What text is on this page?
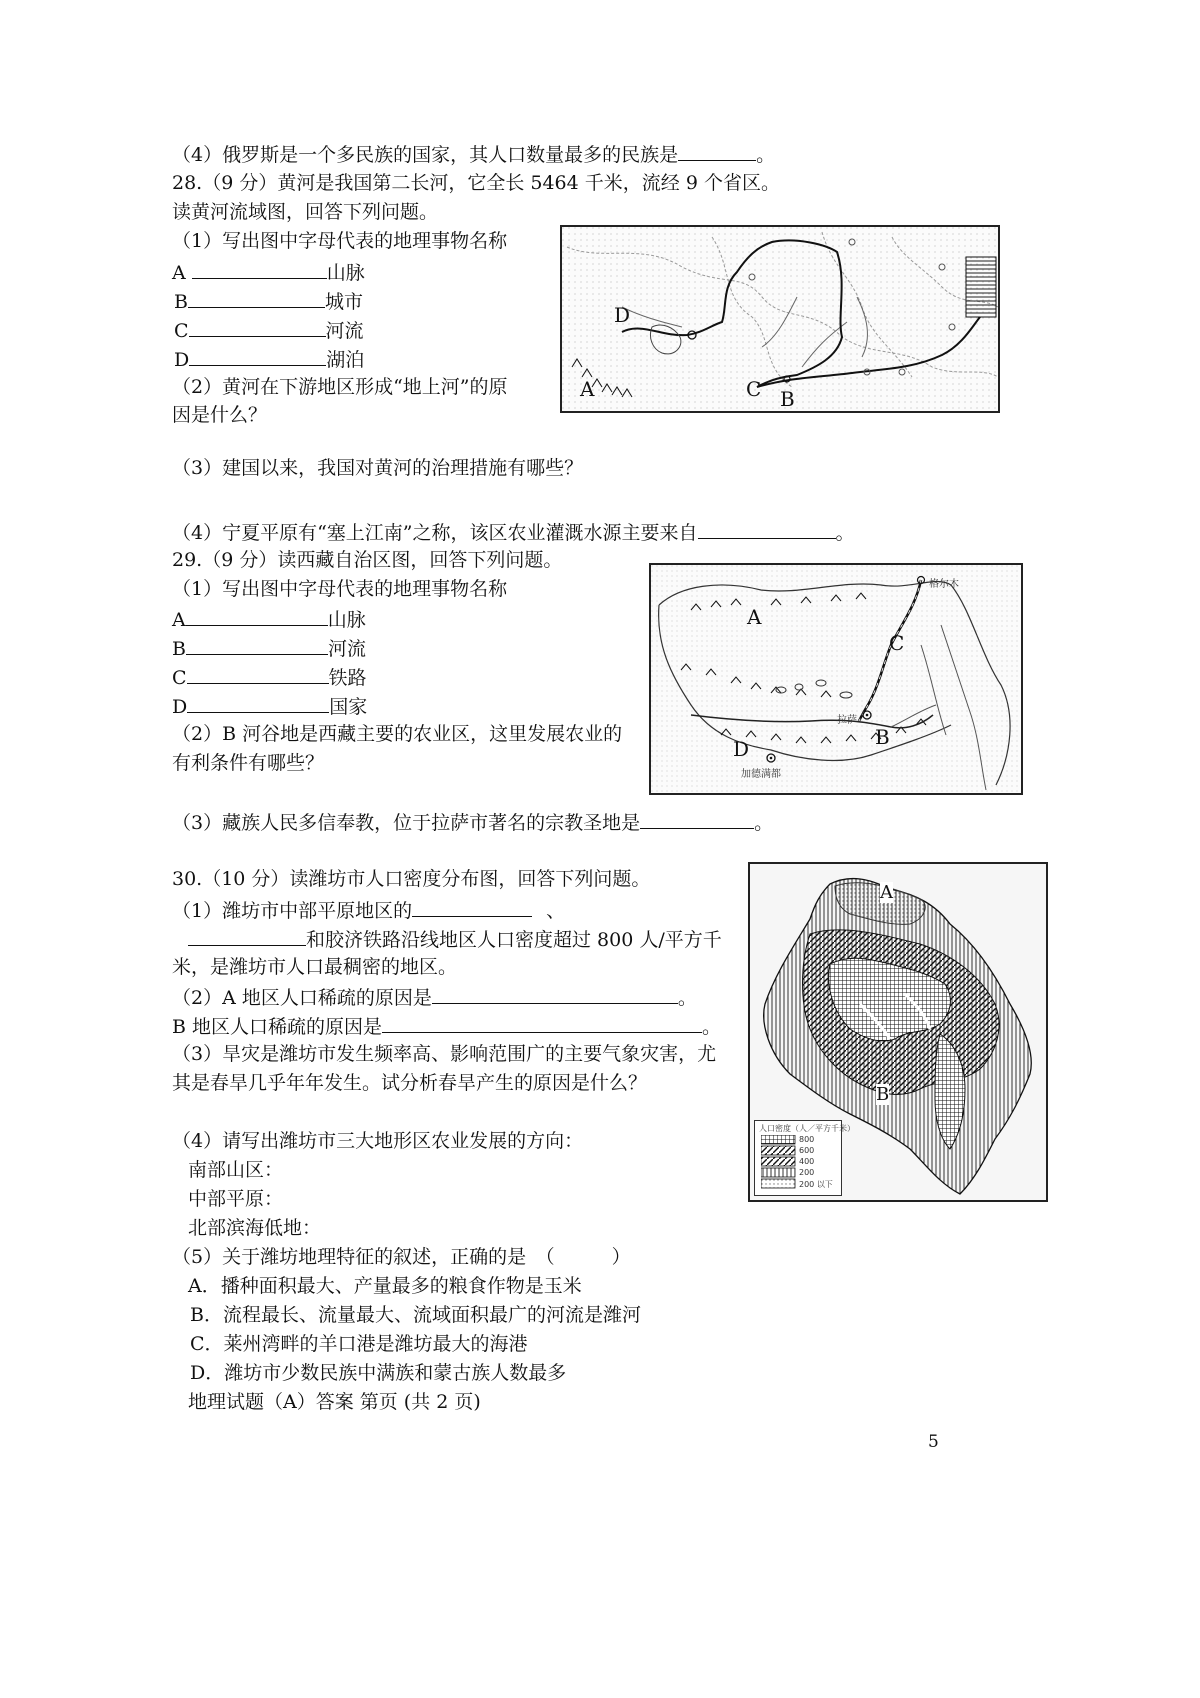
（4）俄罗斯是一个多民族的国家，其人口数量最多的民族是	。
28.（9 分）黄河是我国第二长河，它全长 5464 千米，流经 9 个省区。
读黄河流域图，回答下列问题。
（1）写出图中字母代表的地理事物名称
A	山脉
B	城市
C	河流
D	湖泊
（2）黄河在下游地区形成“地上河”的原
因是什么？
D
A	C B
（3）建国以来，我国对黄河的治理措施有哪些？
（4）宁夏平原有“塞上江南”之称，该区农业灌溉水源主要来自	。
29.（9 分）读西藏自治区图，回答下列问题。
（1）写出图中字母代表的地理事物名称
A	山脉
B	河流
C	铁路
D	国家
（2）B 河谷地是西藏主要的农业区，这里发展农业的
有利条件有哪些？
A
C
B
D
格尔木
拉萨
加德满都
（3）藏族人民多信奉教，位于拉萨市著名的宗教圣地是	。
30.（10 分）读潍坊市人口密度分布图，回答下列问题。
（1）潍坊市中部平原地区的	、
和胶济铁路沿线地区人口密度超过 800 人/平方千
米，是潍坊市人口最稠密的地区。
（2）A 地区人口稀疏的原因是	。
B 地区人口稀疏的原因是	。
（3）旱灾是潍坊市发生频率高、影响范围广的主要气象灾害，尤
其是春旱几乎年年发生。试分析春旱产生的原因是什么？
A
B
人口密度（人／平方千米）
800
600
400
200
200 以下
（4）请写出潍坊市三大地形区农业发展的方向：
南部山区：
中部平原：
北部滨海低地：
（5）关于潍坊地理特征的叙述，正确的是　（　　　）
A．播种面积最大、产量最多的粮食作物是玉米
B．流程最长、流量最大、流域面积最广的河流是潍河
C．莱州湾畔的羊口港是潍坊最大的海港
D．潍坊市少数民族中满族和蒙古族人数最多
地理试题（A）答案 第页 (共 2 页)
5
